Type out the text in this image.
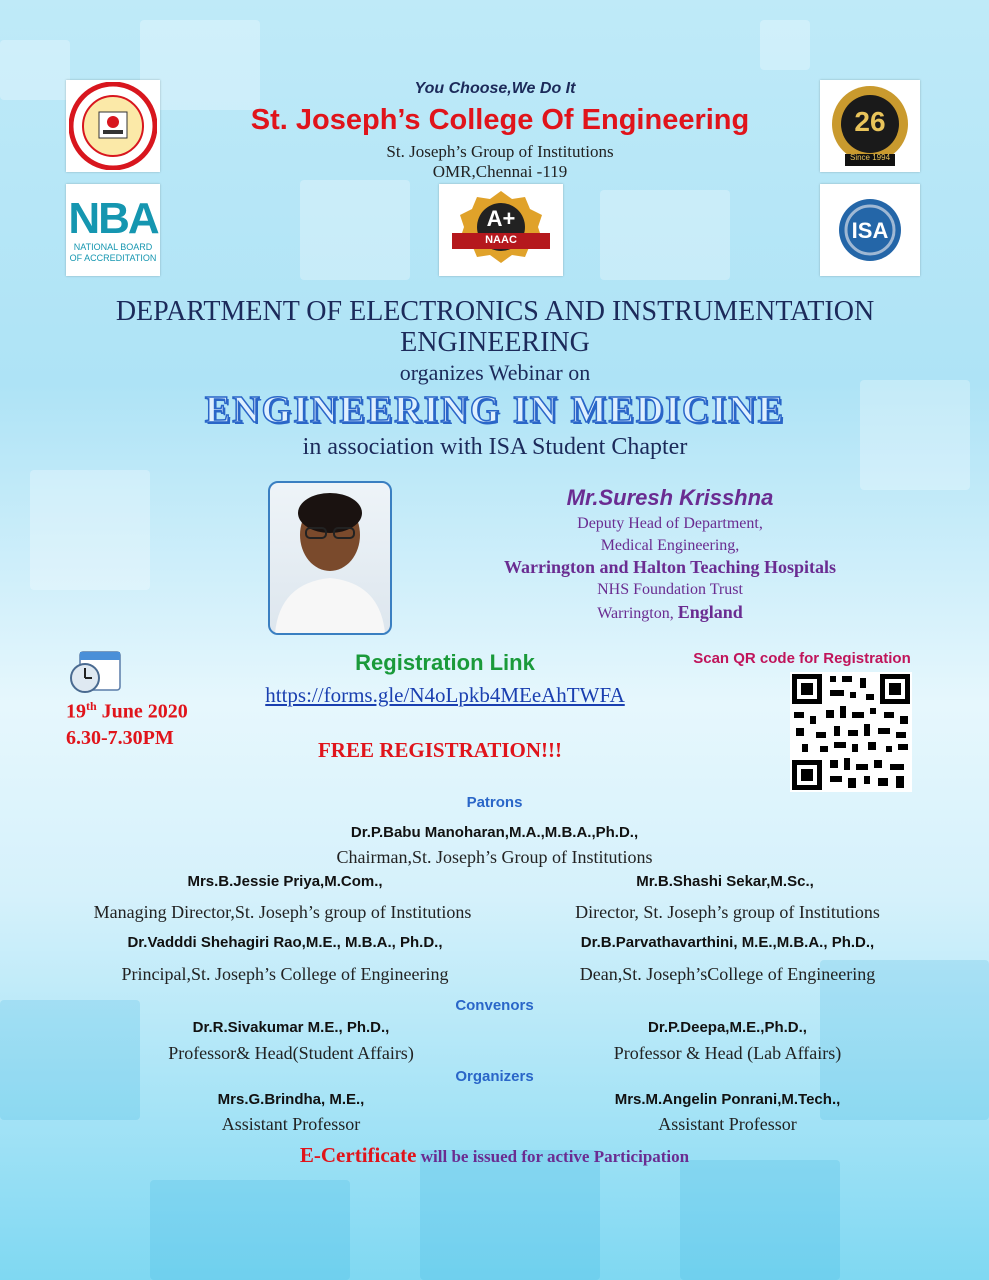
NBA
NATIONAL BOARD
OF ACCREDITATION
A+
NAAC
26
Since 1994
ISA
You Choose,We Do It
St. Joseph’s College Of Engineering
St. Joseph’s Group of Institutions
OMR,Chennai -119
DEPARTMENT OF ELECTRONICS AND INSTRUMENTATION
ENGINEERING
organizes Webinar on
ENGINEERING IN MEDICINE
in association with ISA Student Chapter
Mr.Suresh Krisshna
Deputy Head of Department,
Medical Engineering,
Warrington and Halton Teaching Hospitals
NHS Foundation Trust
Warrington, England
19th June 2020
6.30-7.30PM
Registration Link
https://forms.gle/N4oLpkb4MEeAhTWFA
FREE REGISTRATION!!!
Scan QR code for Registration
Patrons
Dr.P.Babu Manoharan,M.A.,M.B.A.,Ph.D.,
Chairman,St. Joseph’s Group of Institutions
Mrs.B.Jessie Priya,M.Com.,
Managing Director,St. Joseph’s group of Institutions
Mr.B.Shashi Sekar,M.Sc.,
Director, St. Joseph’s group of Institutions
Dr.Vadddi Shehagiri Rao,M.E., M.B.A., Ph.D.,
Principal,St. Joseph’s College of Engineering
Dr.B.Parvathavarthini, M.E.,M.B.A., Ph.D.,
Dean,St. Joseph’sCollege of Engineering
Convenors
Dr.R.Sivakumar M.E., Ph.D.,
Professor& Head(Student Affairs)
Dr.P.Deepa,M.E.,Ph.D.,
Professor & Head (Lab Affairs)
Organizers
Mrs.G.Brindha, M.E.,
Assistant Professor
Mrs.M.Angelin Ponrani,M.Tech.,
Assistant Professor
E-Certificate will be issued for active Participation
